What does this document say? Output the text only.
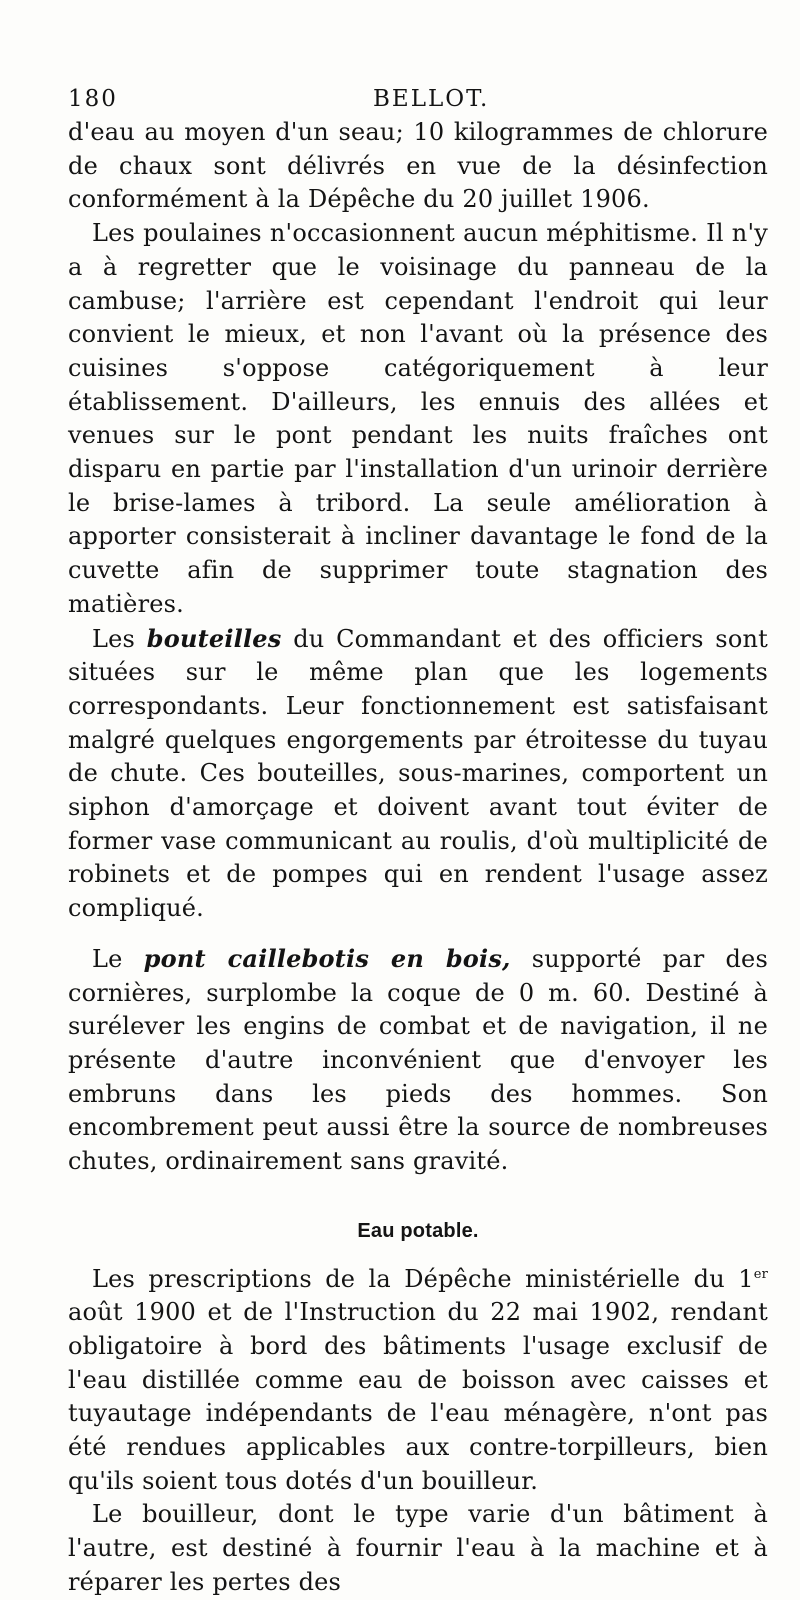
180	BELLOT.

d'eau au moyen d'un seau; 10 kilogrammes de chlorure de chaux sont délivrés en vue de la désinfection conformément à la Dépêche du 20 juillet 1906.

Les poulaines n'occasionnent aucun méphitisme. Il n'y a à regretter que le voisinage du panneau de la cambuse; l'arrière est cependant l'endroit qui leur convient le mieux, et non l'avant où la présence des cuisines s'oppose catégoriquement à leur établissement. D'ailleurs, les ennuis des allées et venues sur le pont pendant les nuits fraîches ont disparu en partie par l'installation d'un urinoir derrière le brise-lames à tribord. La seule amélioration à apporter consisterait à incliner davantage le fond de la cuvette afin de supprimer toute stagnation des matières.

Les bouteilles du Commandant et des officiers sont situées sur le même plan que les logements correspondants. Leur fonctionnement est satisfaisant malgré quelques engorgements par étroitesse du tuyau de chute. Ces bouteilles, sous-marines, comportent un siphon d'amorçage et doivent avant tout éviter de former vase communicant au roulis, d'où multiplicité de robinets et de pompes qui en rendent l'usage assez compliqué.

Le pont caillebotis en bois, supporté par des cornières, surplombe la coque de 0 m. 60. Destiné à surélever les engins de combat et de navigation, il ne présente d'autre inconvénient que d'envoyer les embruns dans les pieds des hommes. Son encombrement peut aussi être la source de nombreuses chutes, ordinairement sans gravité.

Eau potable.

Les prescriptions de la Dépêche ministérielle du 1er août 1900 et de l'Instruction du 22 mai 1902, rendant obligatoire à bord des bâtiments l'usage exclusif de l'eau distillée comme eau de boisson avec caisses et tuyautage indépendants de l'eau ménagère, n'ont pas été rendues applicables aux contre-torpilleurs, bien qu'ils soient tous dotés d'un bouilleur.

Le bouilleur, dont le type varie d'un bâtiment à l'autre, est destiné à fournir l'eau à la machine et à réparer les pertes des
